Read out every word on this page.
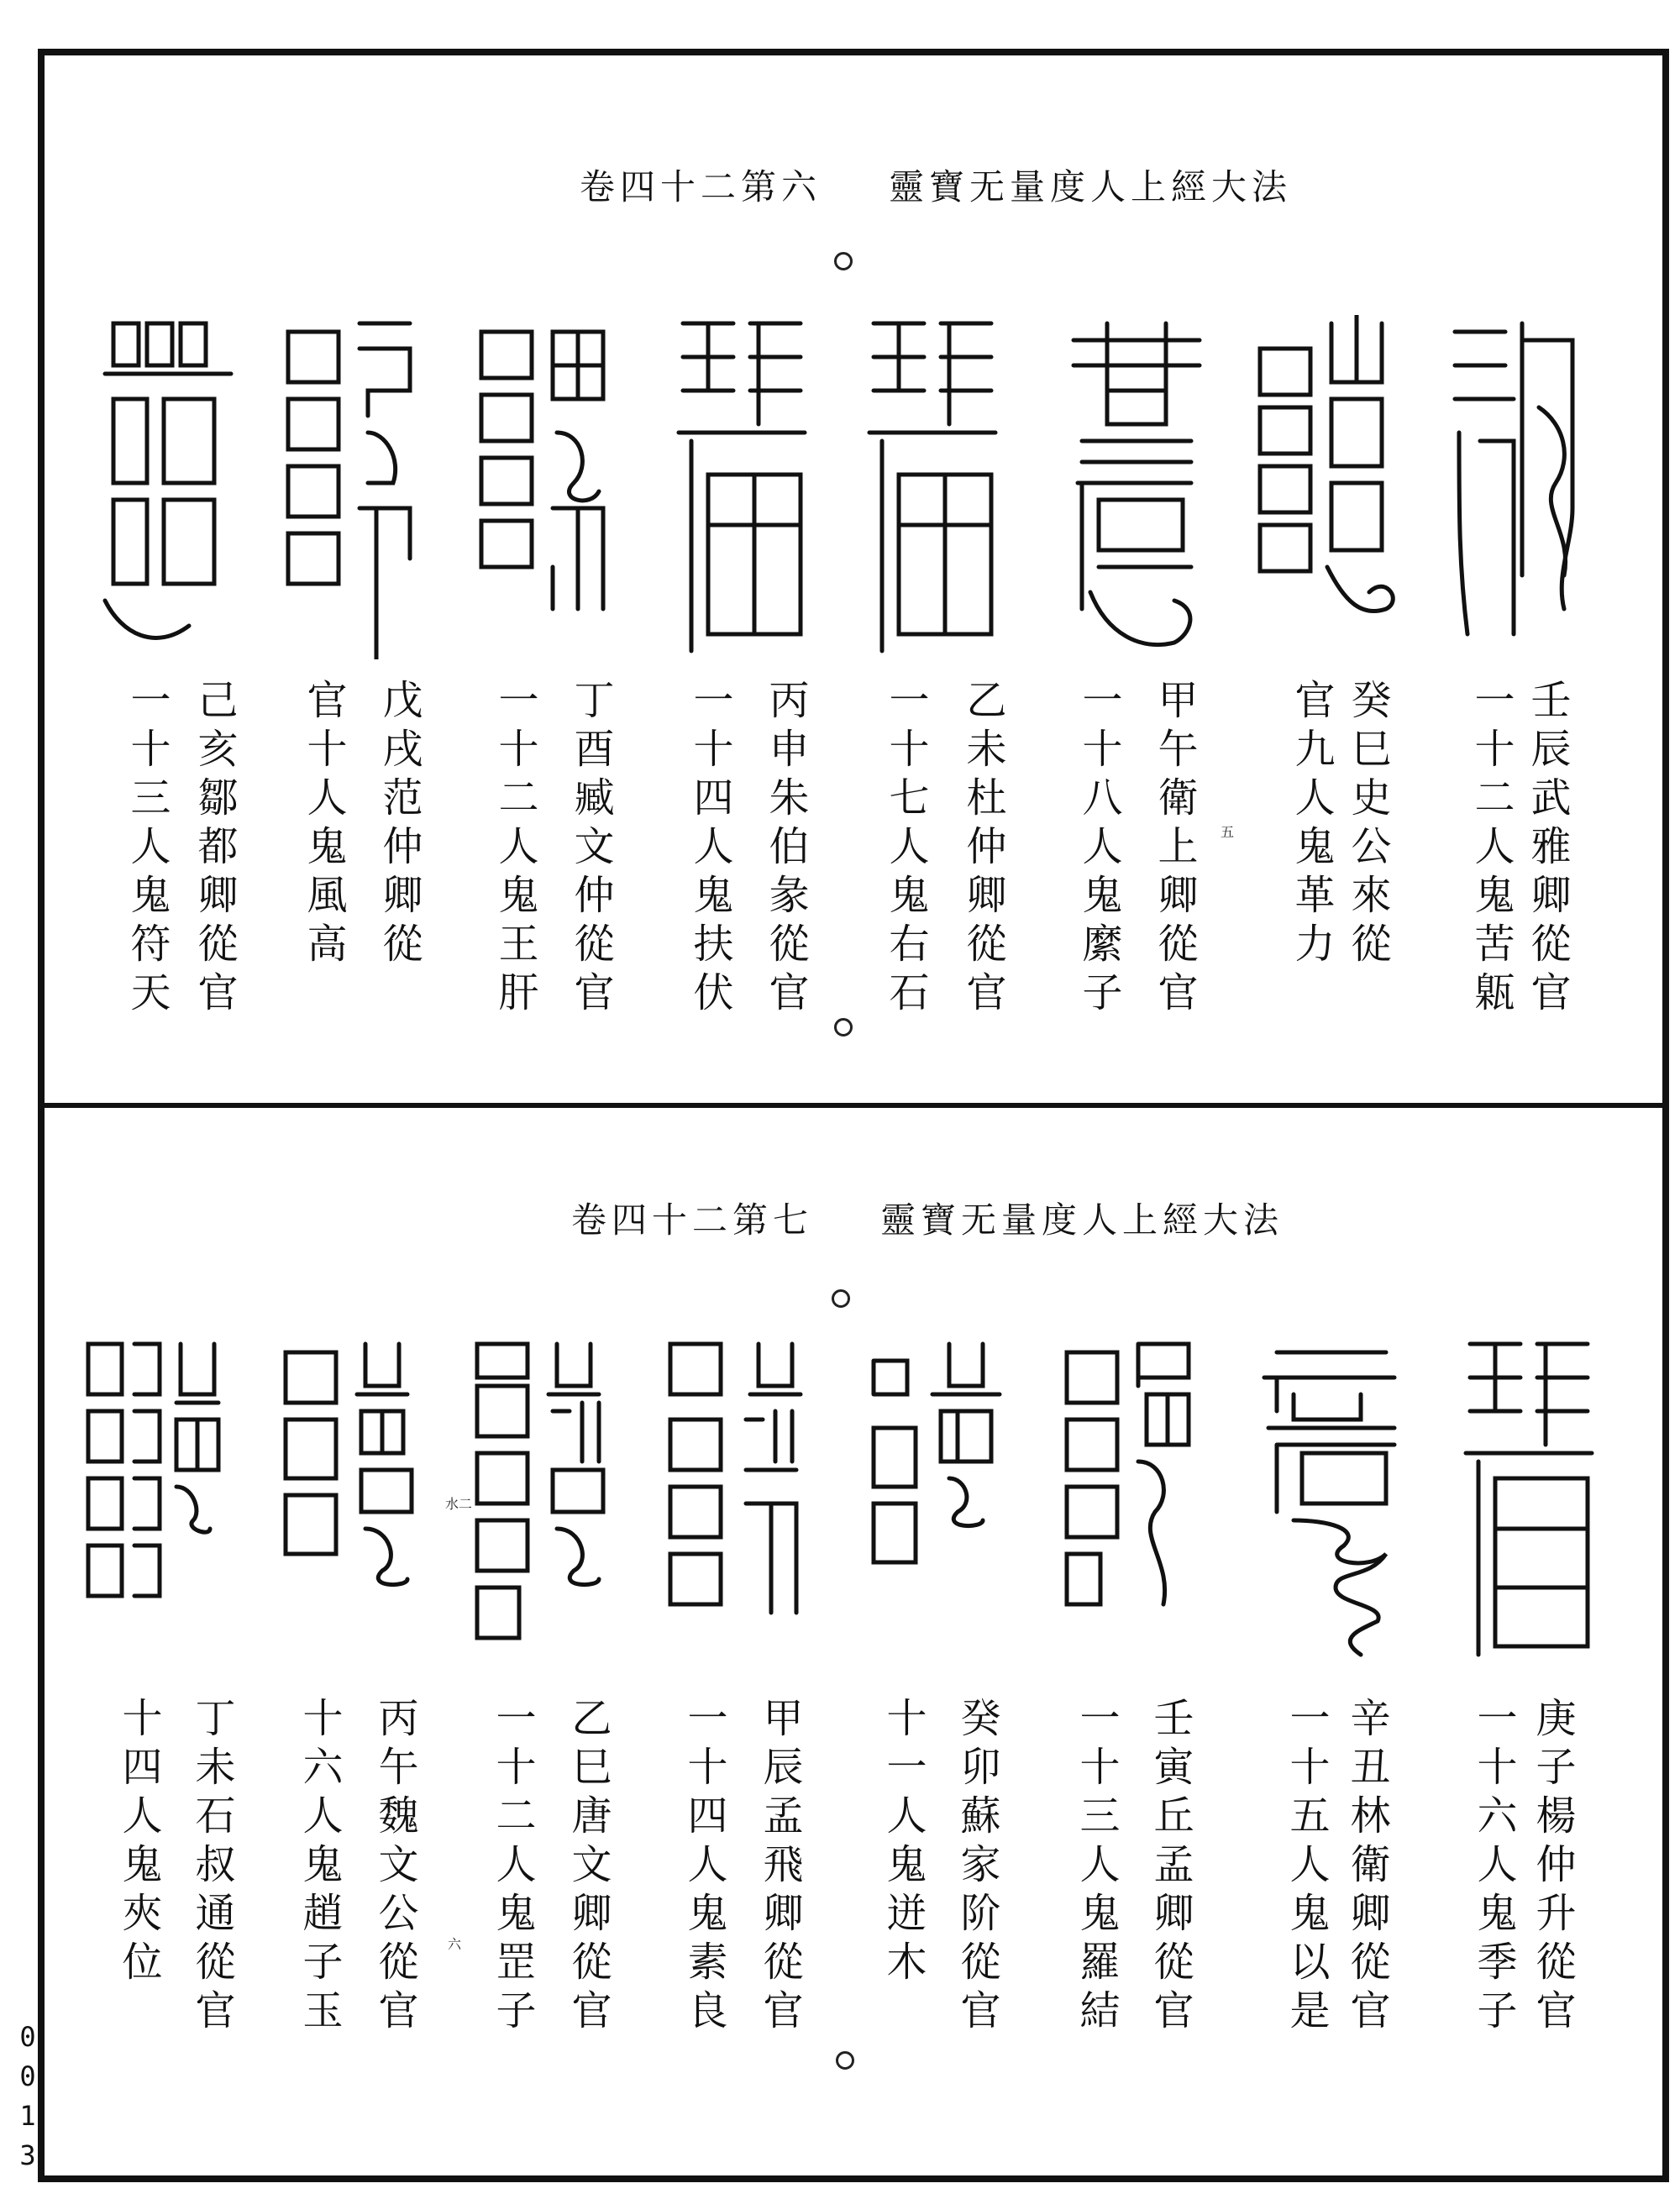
卷四十二第六 靈寶无量度人上經大法
五	壬辰武雅卿從官
一十二人鬼苦甈
癸巳史公來從
官九人鬼革力
甲午衛上卿從官
一十八人鬼縻子
乙未杜仲卿從官
一十七人鬼右石
丙申朱伯彖從官
一十四人鬼扶伏
丁酉臧文仲從官
一十二人鬼王肝
戊戌范仲卿從
官十人鬼風高
己亥鄒都卿從官
一十三人鬼符天
卷四十二第七 靈寶无量度人上經大法
水二
六	庚子楊仲升從官
一十六人鬼季子
辛丑林衛卿從官
一十五人鬼以是
壬寅丘孟卿從官
一十三人鬼羅結
癸卯蘇家阶從官
十一人鬼迸木
甲辰孟飛卿從官
一十四人鬼素良
乙巳唐文卿從官
一十二人鬼罡子
丙午魏文公從官
十六人鬼趙子玉
丁未石叔通從官
十四人鬼夾位
0
0
1
3
